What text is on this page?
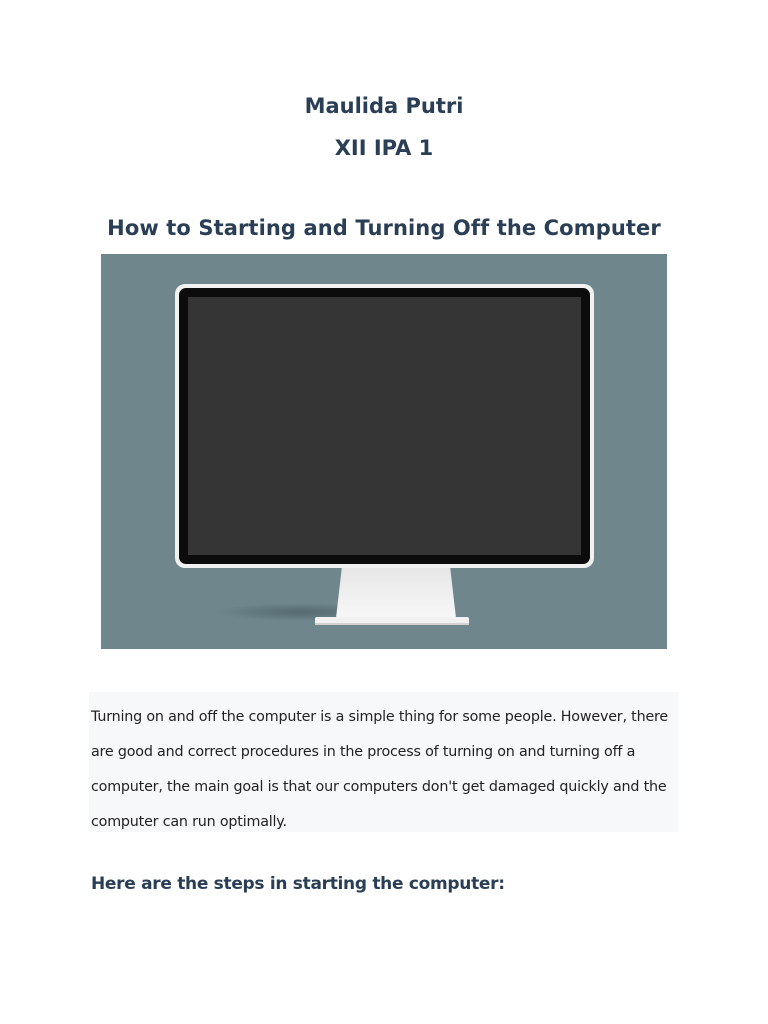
Maulida Putri
XII IPA 1
How to Starting and Turning Off the Computer

Turning on and off the computer is a simple thing for some people. However, there are good and correct procedures in the process of turning on and turning off a computer, the main goal is that our computers don't get damaged quickly and the computer can run optimally.

Here are the steps in starting the computer:
